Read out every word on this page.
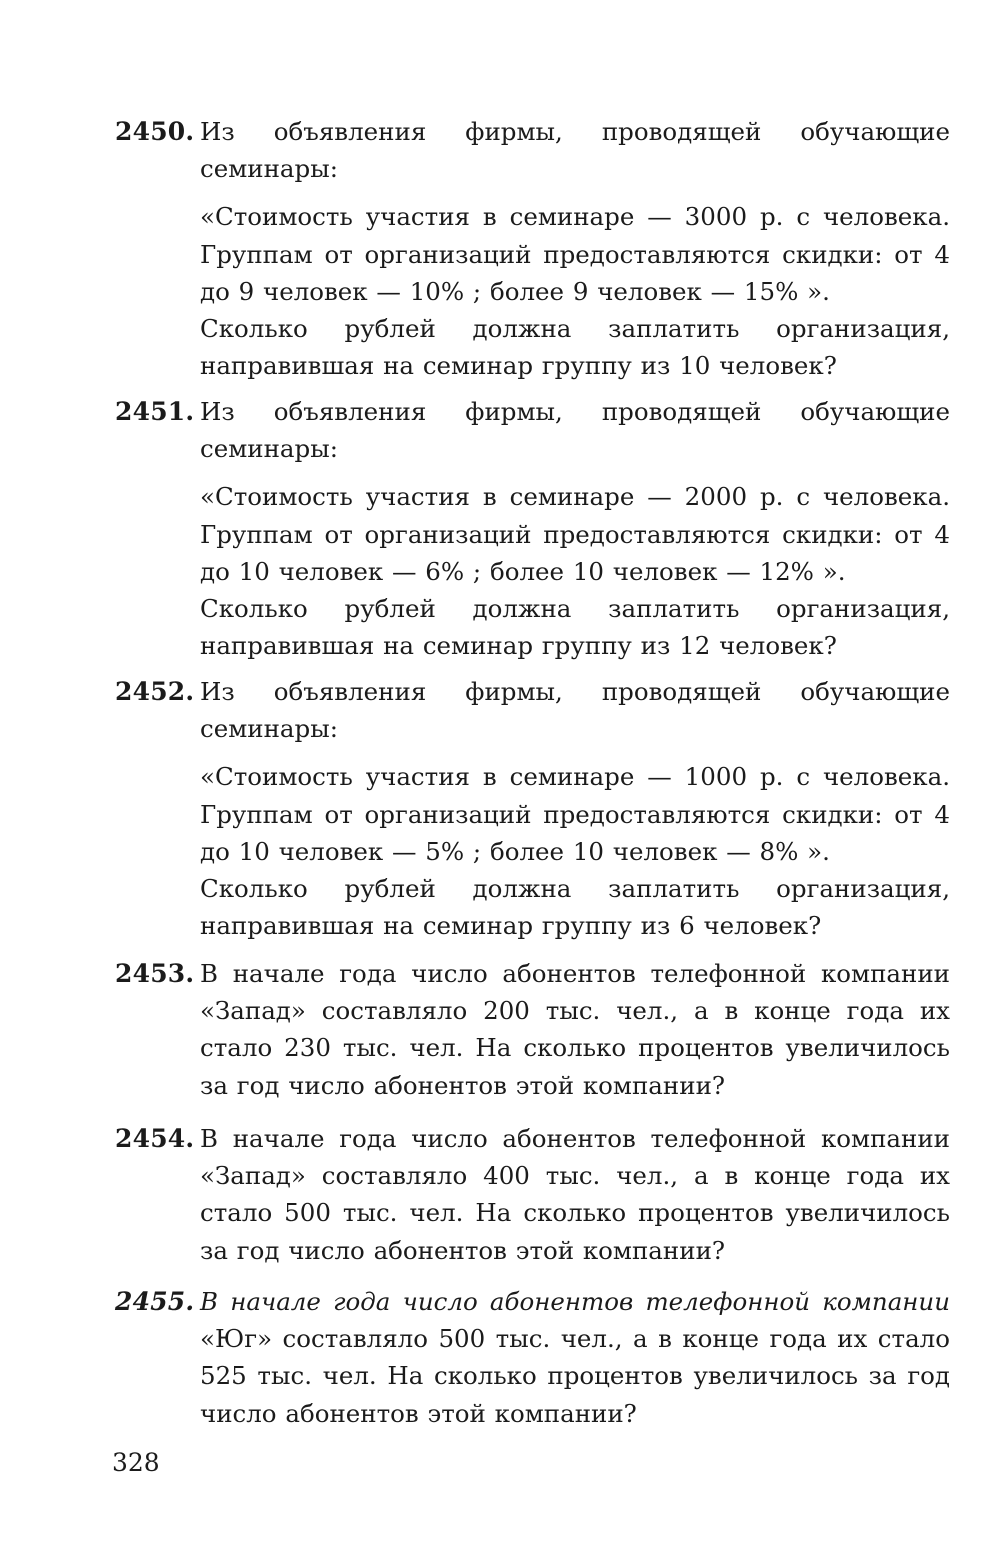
2450. Из объявления фирмы, проводящей обучающие семинары:

«Стоимость участия в семинаре — 3000 р. с человека. Группам от организаций предоставляются скидки: от 4 до 9 человек — 10% ; более 9 человек — 15% ».

Сколько рублей должна заплатить организация, направившая на семинар группу из 10 человек?

2451. Из объявления фирмы, проводящей обучающие семинары:

«Стоимость участия в семинаре — 2000 р. с человека. Группам от организаций предоставляются скидки: от 4 до 10 человек — 6% ; более 10 человек — 12% ».

Сколько рублей должна заплатить организация, направившая на семинар группу из 12 человек?

2452. Из объявления фирмы, проводящей обучающие семинары:

«Стоимость участия в семинаре — 1000 р. с человека. Группам от организаций предоставляются скидки: от 4 до 10 человек — 5% ; более 10 человек — 8% ».

Сколько рублей должна заплатить организация, направившая на семинар группу из 6 человек?

2453. В начале года число абонентов телефонной компании «Запад» составляло 200 тыс. чел., а в конце года их стало 230 тыс. чел. На сколько процентов увеличилось за год число абонентов этой компании?

2454. В начале года число абонентов телефонной компании «Запад» составляло 400 тыс. чел., а в конце года их стало 500 тыс. чел. На сколько процентов увеличилось за год число абонентов этой компании?

2455. В начале года число абонентов телефонной компании «Юг» составляло 500 тыс. чел., а в конце года их стало 525 тыс. чел. На сколько процентов увеличилось за год число абонентов этой компании?

328
